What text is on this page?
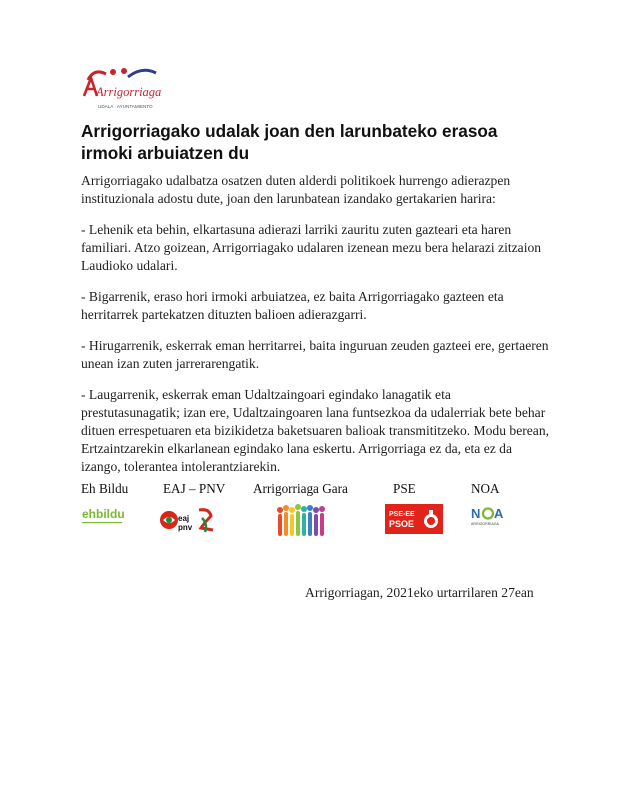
Arrigorriaga
UDALA · AYUNTAMIENTO
Arrigorriagako udalak joan den larunbateko erasoa irmoki arbuiatzen du

Arrigorriagako udalbatza osatzen duten alderdi politikoek hurrengo adierazpen instituzionala adostu dute, joan den larunbatean izandako gertakarien harira:

- Lehenik eta behin, elkartasuna adierazi larriki zauritu zuten gazteari eta haren familiari. Atzo goizean, Arrigorriagako udalaren izenean mezu bera helarazi zitzaion Laudioko udalari.

- Bigarrenik, eraso hori irmoki arbuiatzea, ez baita Arrigorriagako gazteen eta herritarrek partekatzen dituzten balioen adierazgarri.

- Hirugarrenik, eskerrak eman herritarrei, baita inguruan zeuden gazteei ere, gertaeren unean izan zuten jarrerarengatik.

- Laugarrenik, eskerrak eman Udaltzaingoari egindako lanagatik eta prestutasunagatik; izan ere, Udaltzaingoaren lana funtsezkoa da udalerriak bete behar dituen errespetuaren eta bizikidetza baketsuaren balioak transmititzeko. Modu berean, Ertzaintzarekin elkarlanean egindako lana eskertu. Arrigorriaga ez da, eta ez da izango, tolerantea intolerantziarekin.

Eh Bildu
ehbildu
EAJ – PNV
eaj
pnv
Arrigorriaga Gara	PSE
PSE-EE
PSOE
NOA
N A
ARRIGORRIAGA
Arrigorriagan, 2021eko urtarrilaren 27ean
